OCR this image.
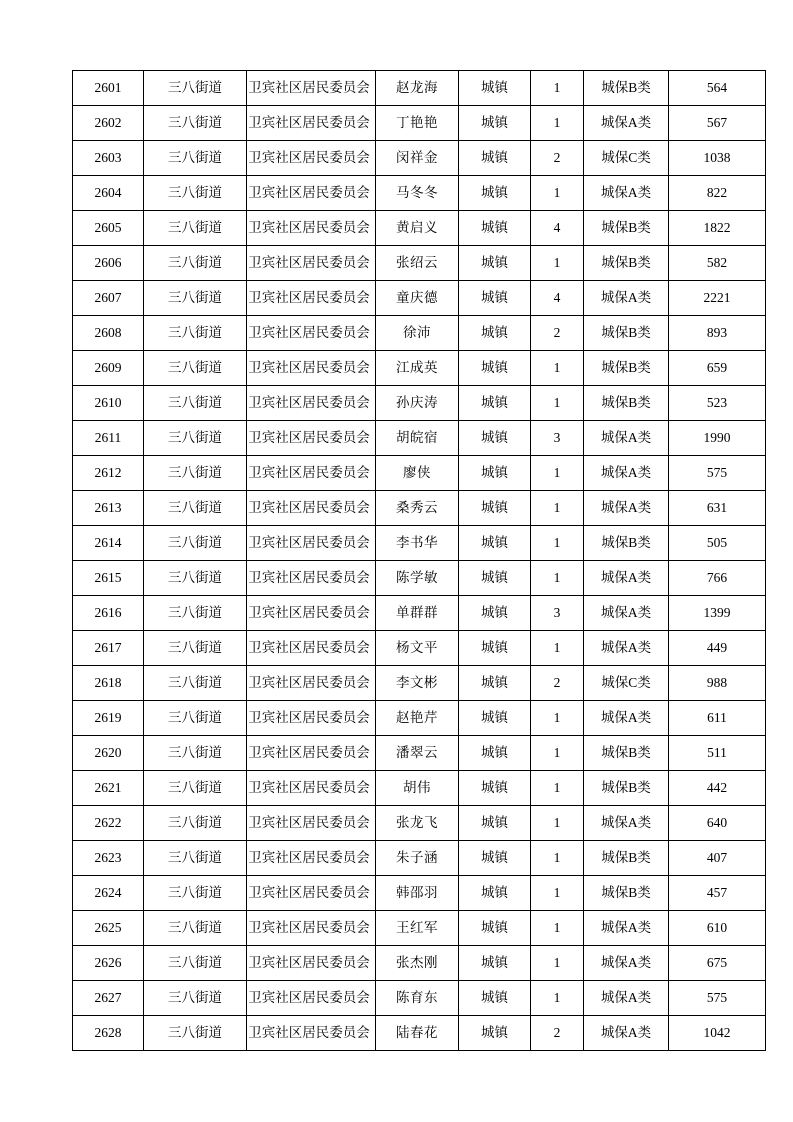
2601	三八街道	卫宾社区居民委员会	赵龙海	城镇	1	城保B类	564
2602	三八街道	卫宾社区居民委员会	丁艳艳	城镇	1	城保A类	567
2603	三八街道	卫宾社区居民委员会	闵祥金	城镇	2	城保C类	1038
2604	三八街道	卫宾社区居民委员会	马冬冬	城镇	1	城保A类	822
2605	三八街道	卫宾社区居民委员会	黄启义	城镇	4	城保B类	1822
2606	三八街道	卫宾社区居民委员会	张绍云	城镇	1	城保B类	582
2607	三八街道	卫宾社区居民委员会	童庆德	城镇	4	城保A类	2221
2608	三八街道	卫宾社区居民委员会	徐沛	城镇	2	城保B类	893
2609	三八街道	卫宾社区居民委员会	江成英	城镇	1	城保B类	659
2610	三八街道	卫宾社区居民委员会	孙庆涛	城镇	1	城保B类	523
2611	三八街道	卫宾社区居民委员会	胡皖宿	城镇	3	城保A类	1990
2612	三八街道	卫宾社区居民委员会	廖侠	城镇	1	城保A类	575
2613	三八街道	卫宾社区居民委员会	桑秀云	城镇	1	城保A类	631
2614	三八街道	卫宾社区居民委员会	李书华	城镇	1	城保B类	505
2615	三八街道	卫宾社区居民委员会	陈学敏	城镇	1	城保A类	766
2616	三八街道	卫宾社区居民委员会	单群群	城镇	3	城保A类	1399
2617	三八街道	卫宾社区居民委员会	杨文平	城镇	1	城保A类	449
2618	三八街道	卫宾社区居民委员会	李文彬	城镇	2	城保C类	988
2619	三八街道	卫宾社区居民委员会	赵艳芹	城镇	1	城保A类	611
2620	三八街道	卫宾社区居民委员会	潘翠云	城镇	1	城保B类	511
2621	三八街道	卫宾社区居民委员会	胡伟	城镇	1	城保B类	442
2622	三八街道	卫宾社区居民委员会	张龙飞	城镇	1	城保A类	640
2623	三八街道	卫宾社区居民委员会	朱子涵	城镇	1	城保B类	407
2624	三八街道	卫宾社区居民委员会	韩邵羽	城镇	1	城保B类	457
2625	三八街道	卫宾社区居民委员会	王红军	城镇	1	城保A类	610
2626	三八街道	卫宾社区居民委员会	张杰刚	城镇	1	城保A类	675
2627	三八街道	卫宾社区居民委员会	陈育东	城镇	1	城保A类	575
2628	三八街道	卫宾社区居民委员会	陆春花	城镇	2	城保A类	1042
